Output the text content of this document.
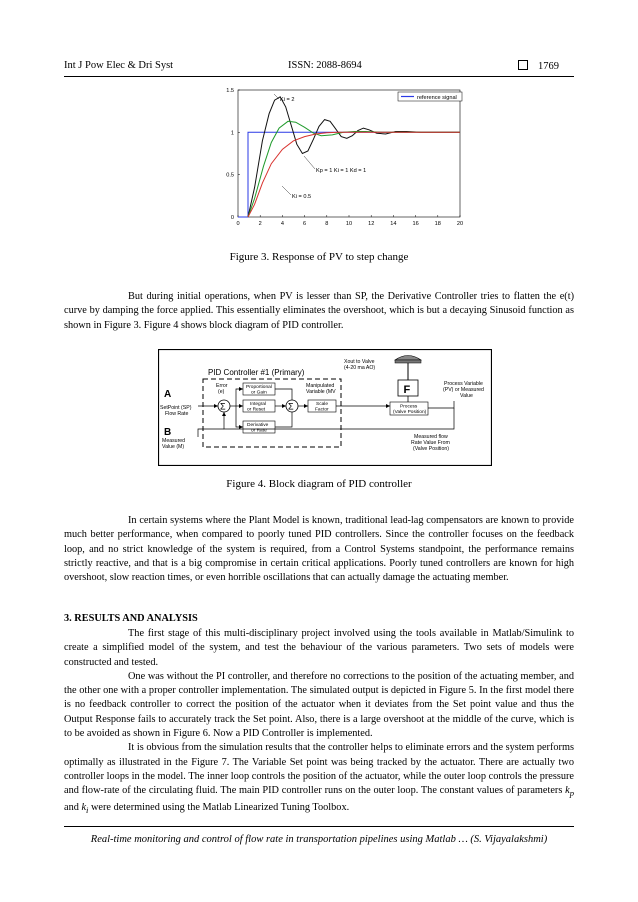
Int J Pow Elec & Dri Syst	ISSN: 2088-8694	1769
0	2	4	6	8	10	12	14	16	18	20
0
0.5
1
1.5
reference signal
Ki = 2
Kp = 1 Ki = 1 Kd = 1
Ki = 0.5
Figure 3. Response of PV to step change

But during initial operations, when PV is lesser than SP, the Derivative Controller tries to flatten the e(t) curve by damping the force applied. This essentially eliminates the overshoot, which is but a decaying Sinusoid function as shown in Figure 3. Figure 4 shows block diagram of PID controller.

PID Controller #1 (Primary)
A
SetPoint (SP)
Flow Rate
B
Measured
Value (M)
Error
(e)
Σ
Proportional
or Gain
Integral
or Reset
Derivative
or Rate
Σ
Manipulated
Variable (MV
Scale
Factor
Xout to Valve
(4-20 ma AO)
F
Process
(Valve Position)
Process Variable
(PV) or Measured
Value
Measured flow
Rate Value From
(Valve Position)
Figure 4. Block diagram of PID controller

In certain systems where the Plant Model is known, traditional lead-lag compensators are known to provide much better performance, when compared to poorly tuned PID controllers. Since the controller focuses on the feedback loop, and no strict knowledge of the system is required, from a Control Systems standpoint, the performance remains strictly reactive, and that is a big compromise in certain critical applications. Poorly tuned controllers are known for high overshoot, slow reaction times, or even horrible oscillations that can actually damage the actuating member.

3. RESULTS AND ANALYSIS

The first stage of this multi-disciplinary project involved using the tools available in Matlab/Simulink to create a simplified model of the system, and test the behaviour of the various parameters. Two sets of models were constructed and tested.

One was without the PI controller, and therefore no corrections to the position of the actuating member, and the other one with a proper controller implementation. The simulated output is depicted in Figure 5. In the first model there is no feedback controller to correct the position of the actuator when it deviates from the Set point value and thus the Output Response fails to accurately track the Set point. Also, there is a large overshoot at the middle of the curve, which is to be avoided as shown in Figure 6. Now a PID Controller is implemented.

It is obvious from the simulation results that the controller helps to eliminate errors and the system performs optimally as illustrated in the Figure 7. The Variable Set point was being tracked by the actuator. There are actually two controller loops in the model. The inner loop controls the position of the actuator, while the outer loop controls the pressure and flow-rate of the circulating fluid. The main PID controller runs on the outer loop. The constant values of parameters $k_p$ and $k_i$ were determined using the Matlab Linearized Tuning Toolbox.

Real-time monitoring and control of flow rate in transportation pipelines using Matlab … (S. Vijayalakshmi)
